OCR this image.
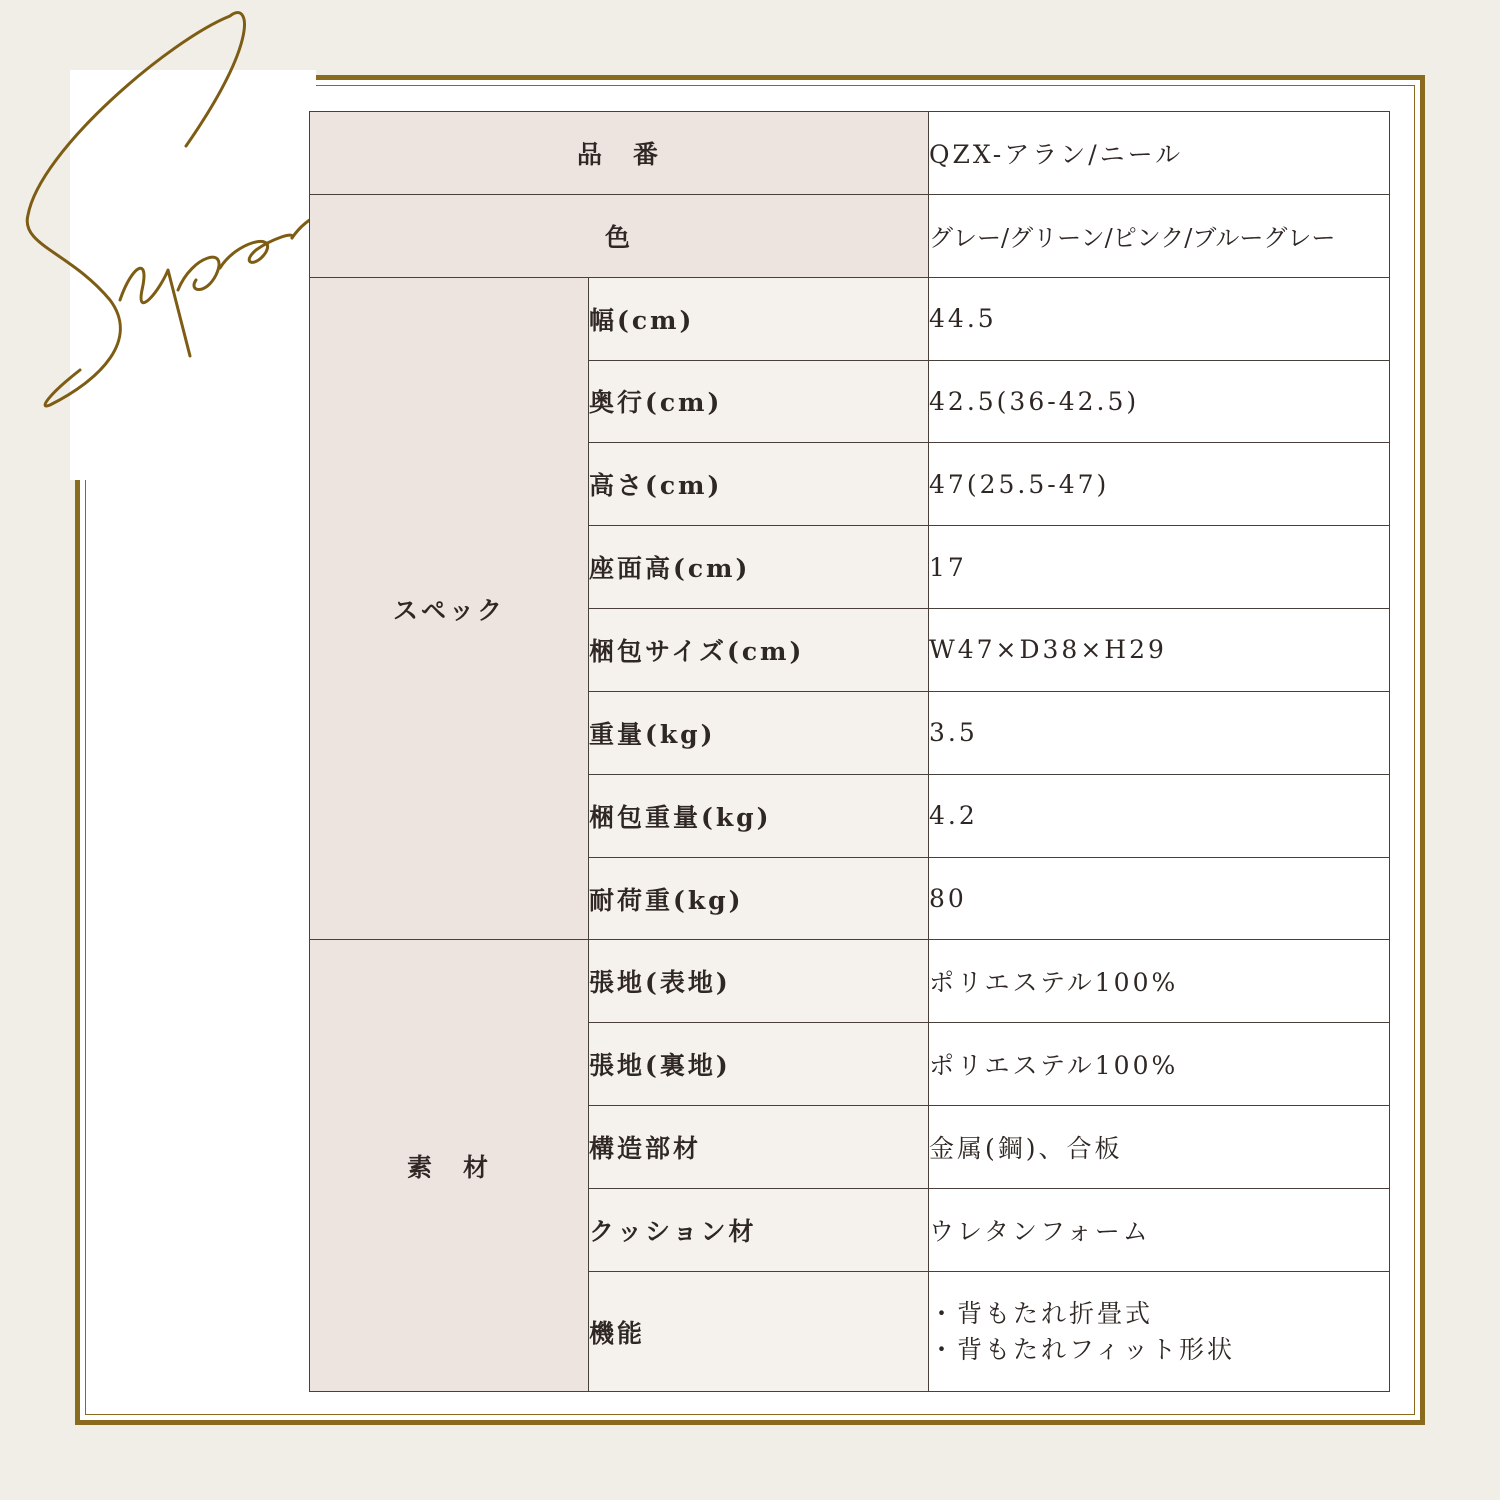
品　番		QZX-アラン/ニール
色		グレー/グリーン/ピンク/ブルーグレー
スペック	幅(cm)	44.5
	奥行(cm)	42.5(36-42.5)
	高さ(cm)	47(25.5-47)
	座面高(cm)	17
	梱包サイズ(cm)	W47×D38×H29
	重量(kg)	3.5
	梱包重量(kg)	4.2
	耐荷重(kg)	80
素　材	張地(表地)	ポリエステル100%
	張地(裏地)	ポリエステル100%
	構造部材	金属(鋼)、合板
	クッション材	ウレタンフォーム
	機能	・背もたれ折畳式
・背もたれフィット形状
